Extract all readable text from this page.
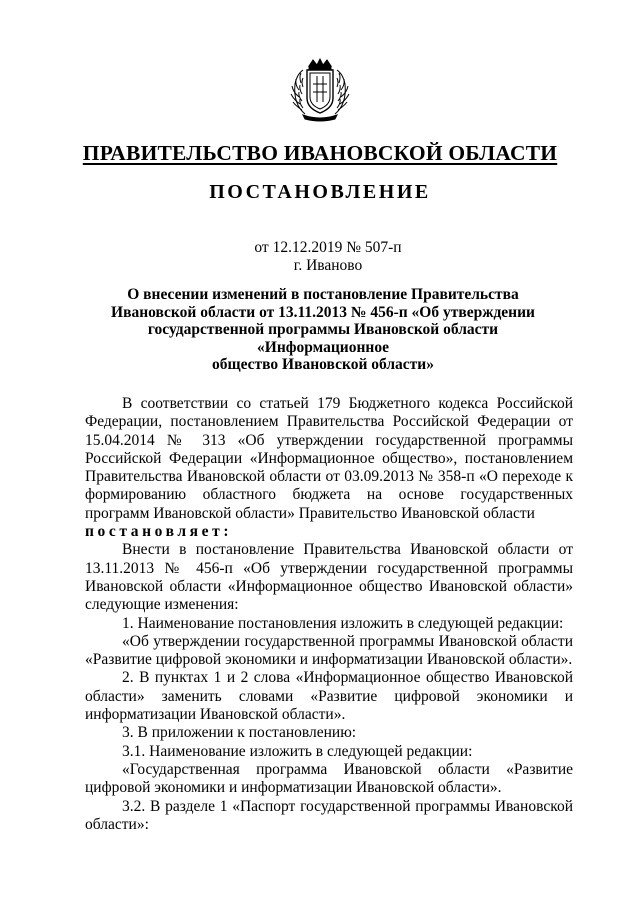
ПРАВИТЕЛЬСТВО ИВАНОВСКОЙ ОБЛАСТИ
ПОСТАНОВЛЕНИЕ
от 12.12.2019 № 507-п
г. Иваново
О внесении изменений в постановление Правительства
Ивановской области от 13.11.2013 № 456-п «Об утверждении
государственной программы Ивановской области «Информационное
общество Ивановской области»

В соответствии со статьей 179 Бюджетного кодекса Российской Федерации, постановлением Правительства Российской Федерации от 15.04.2014 № 313 «Об утверждении государственной программы Российской Федерации «Информационное общество», постановлением Правительства Ивановской области от 03.09.2013 № 358-п «О переходе к формированию областного бюджета на основе государственных программ Ивановской области» Правительство Ивановской области

постановляет:

Внести в постановление Правительства Ивановской области от 13.11.2013 № 456-п «Об утверждении государственной программы Ивановской области «Информационное общество Ивановской области» следующие изменения:

1. Наименование постановления изложить в следующей редакции:

«Об утверждении государственной программы Ивановской области «Развитие цифровой экономики и информатизации Ивановской области».

2. В пунктах 1 и 2 слова «Информационное общество Ивановской области» заменить словами «Развитие цифровой экономики и информатизации Ивановской области».

3. В приложении к постановлению:

3.1. Наименование изложить в следующей редакции:

«Государственная программа Ивановской области «Развитие цифровой экономики и информатизации Ивановской области».

3.2. В разделе 1 «Паспорт государственной программы Ивановской области»:
